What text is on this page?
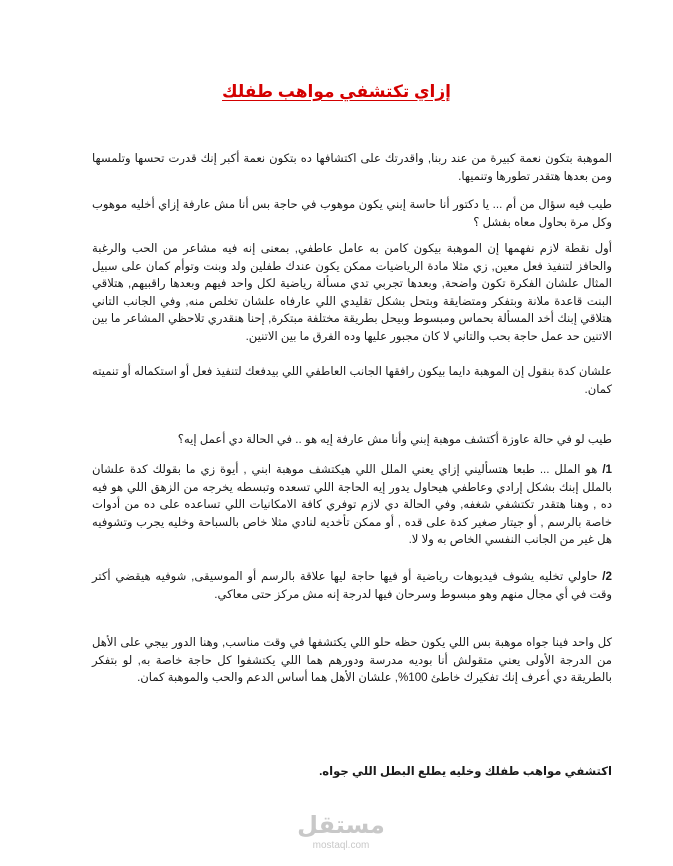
إزاي تكتشفي مواهب طفلك

الموهبة بتكون نعمة كبيرة من عند ربنا, واقدرتك على اكتشافها ده بتكون نعمة أكبر إنك قدرت تحسها وتلمسها ومن بعدها هتقدر تطورها وتنميها.

طيب فيه سؤال من أم ... يا دكتور أنا حاسة إبني يكون موهوب في حاجة بس أنا مش عارفة إزاي أخليه موهوب وكل مرة بحاول معاه بفشل ؟

أول نقطة لازم نفهمها إن الموهبة بيكون كامن به عامل عاطفي, بمعنى إنه فيه مشاعر من الحب والرغبة والحافز لتنفيذ فعل معين, زي مثلا مادة الرياضيات ممكن يكون عندك طفلين ولد وبنت وتوأم كمان على سبيل المثال علشان الفكرة تكون واضحة, وبعدها تجربي تدي مسألة رياضية لكل واحد فيهم وبعدها راقبيهم, هتلاقي البنت قاعدة ملانة وبتفكر ومتضايقة وبتحل بشكل تقليدي اللي عارفاه علشان تخلص منه, وفي الجانب التاني هتلاقي إبنك أخد المسألة بحماس ومبسوط وبيحل بطريقة مختلفة مبتكرة, إحنا هنقدري تلاحظي المشاعر ما بين الاتنين حد عمل حاجة بحب والتاني لا كان مجبور عليها وده الفرق ما بين الاتنين.

علشان كدة بنقول إن الموهبة دايما بيكون رافقها الجانب العاطفي اللي بيدفعك لتنفيذ فعل أو استكماله أو تنميته كمان.

طيب لو في حالة عاوزة أكتشف موهبة إبني وأنا مش عارفة إيه هو .. في الحالة دي أعمل إيه؟

1/ هو الملل ... طبعا هتسأليني إزاي يعني الملل اللي هيكتشف موهبة ابني , أيوة زي ما بقولك كدة علشان بالملل إبنك بشكل إرادي وعاطفي هيحاول يدور إيه الحاجة اللي تسعده وتبسطه يخرجه من الزهق اللي هو فيه ده , وهنا هتقدر تكتشفي شغفه, وفي الحالة دي لازم توفري كافة الامكانيات اللي تساعده على ده من أدوات خاصة بالرسم , أو جيتار صغير كدة على قده , أو ممكن تأخديه لنادي مثلا خاص بالسباحة وخليه يجرب وتشوفيه هل غير من الجانب النفسي الخاص به ولا لا.

2/ حاولي تخليه يشوف فيديوهات رياضية أو فيها حاجة ليها علاقة بالرسم أو الموسيقى, شوفيه هيقضي أكتر وقت في أي مجال منهم وهو مبسوط وسرحان فيها لدرجة إنه مش مركز حتى معاكي.

كل واحد فينا جواه موهبة بس اللي يكون حظه حلو اللي يكتشفها في وقت مناسب, وهنا الدور بيجي على الأهل من الدرجة الأولى يعني متقولش أنا بوديه مدرسة ودورهم هما اللي يكتشفوا كل حاجة خاصة به, لو بتفكر بالطريقة دي أعرف إنك تفكيرك خاطئ 100%, علشان الأهل هما أساس الدعم والحب والموهبة كمان.

اكتشفي مواهب طفلك وخليه يطلع البطل اللي جواه.

مستقل
mostaql.com
